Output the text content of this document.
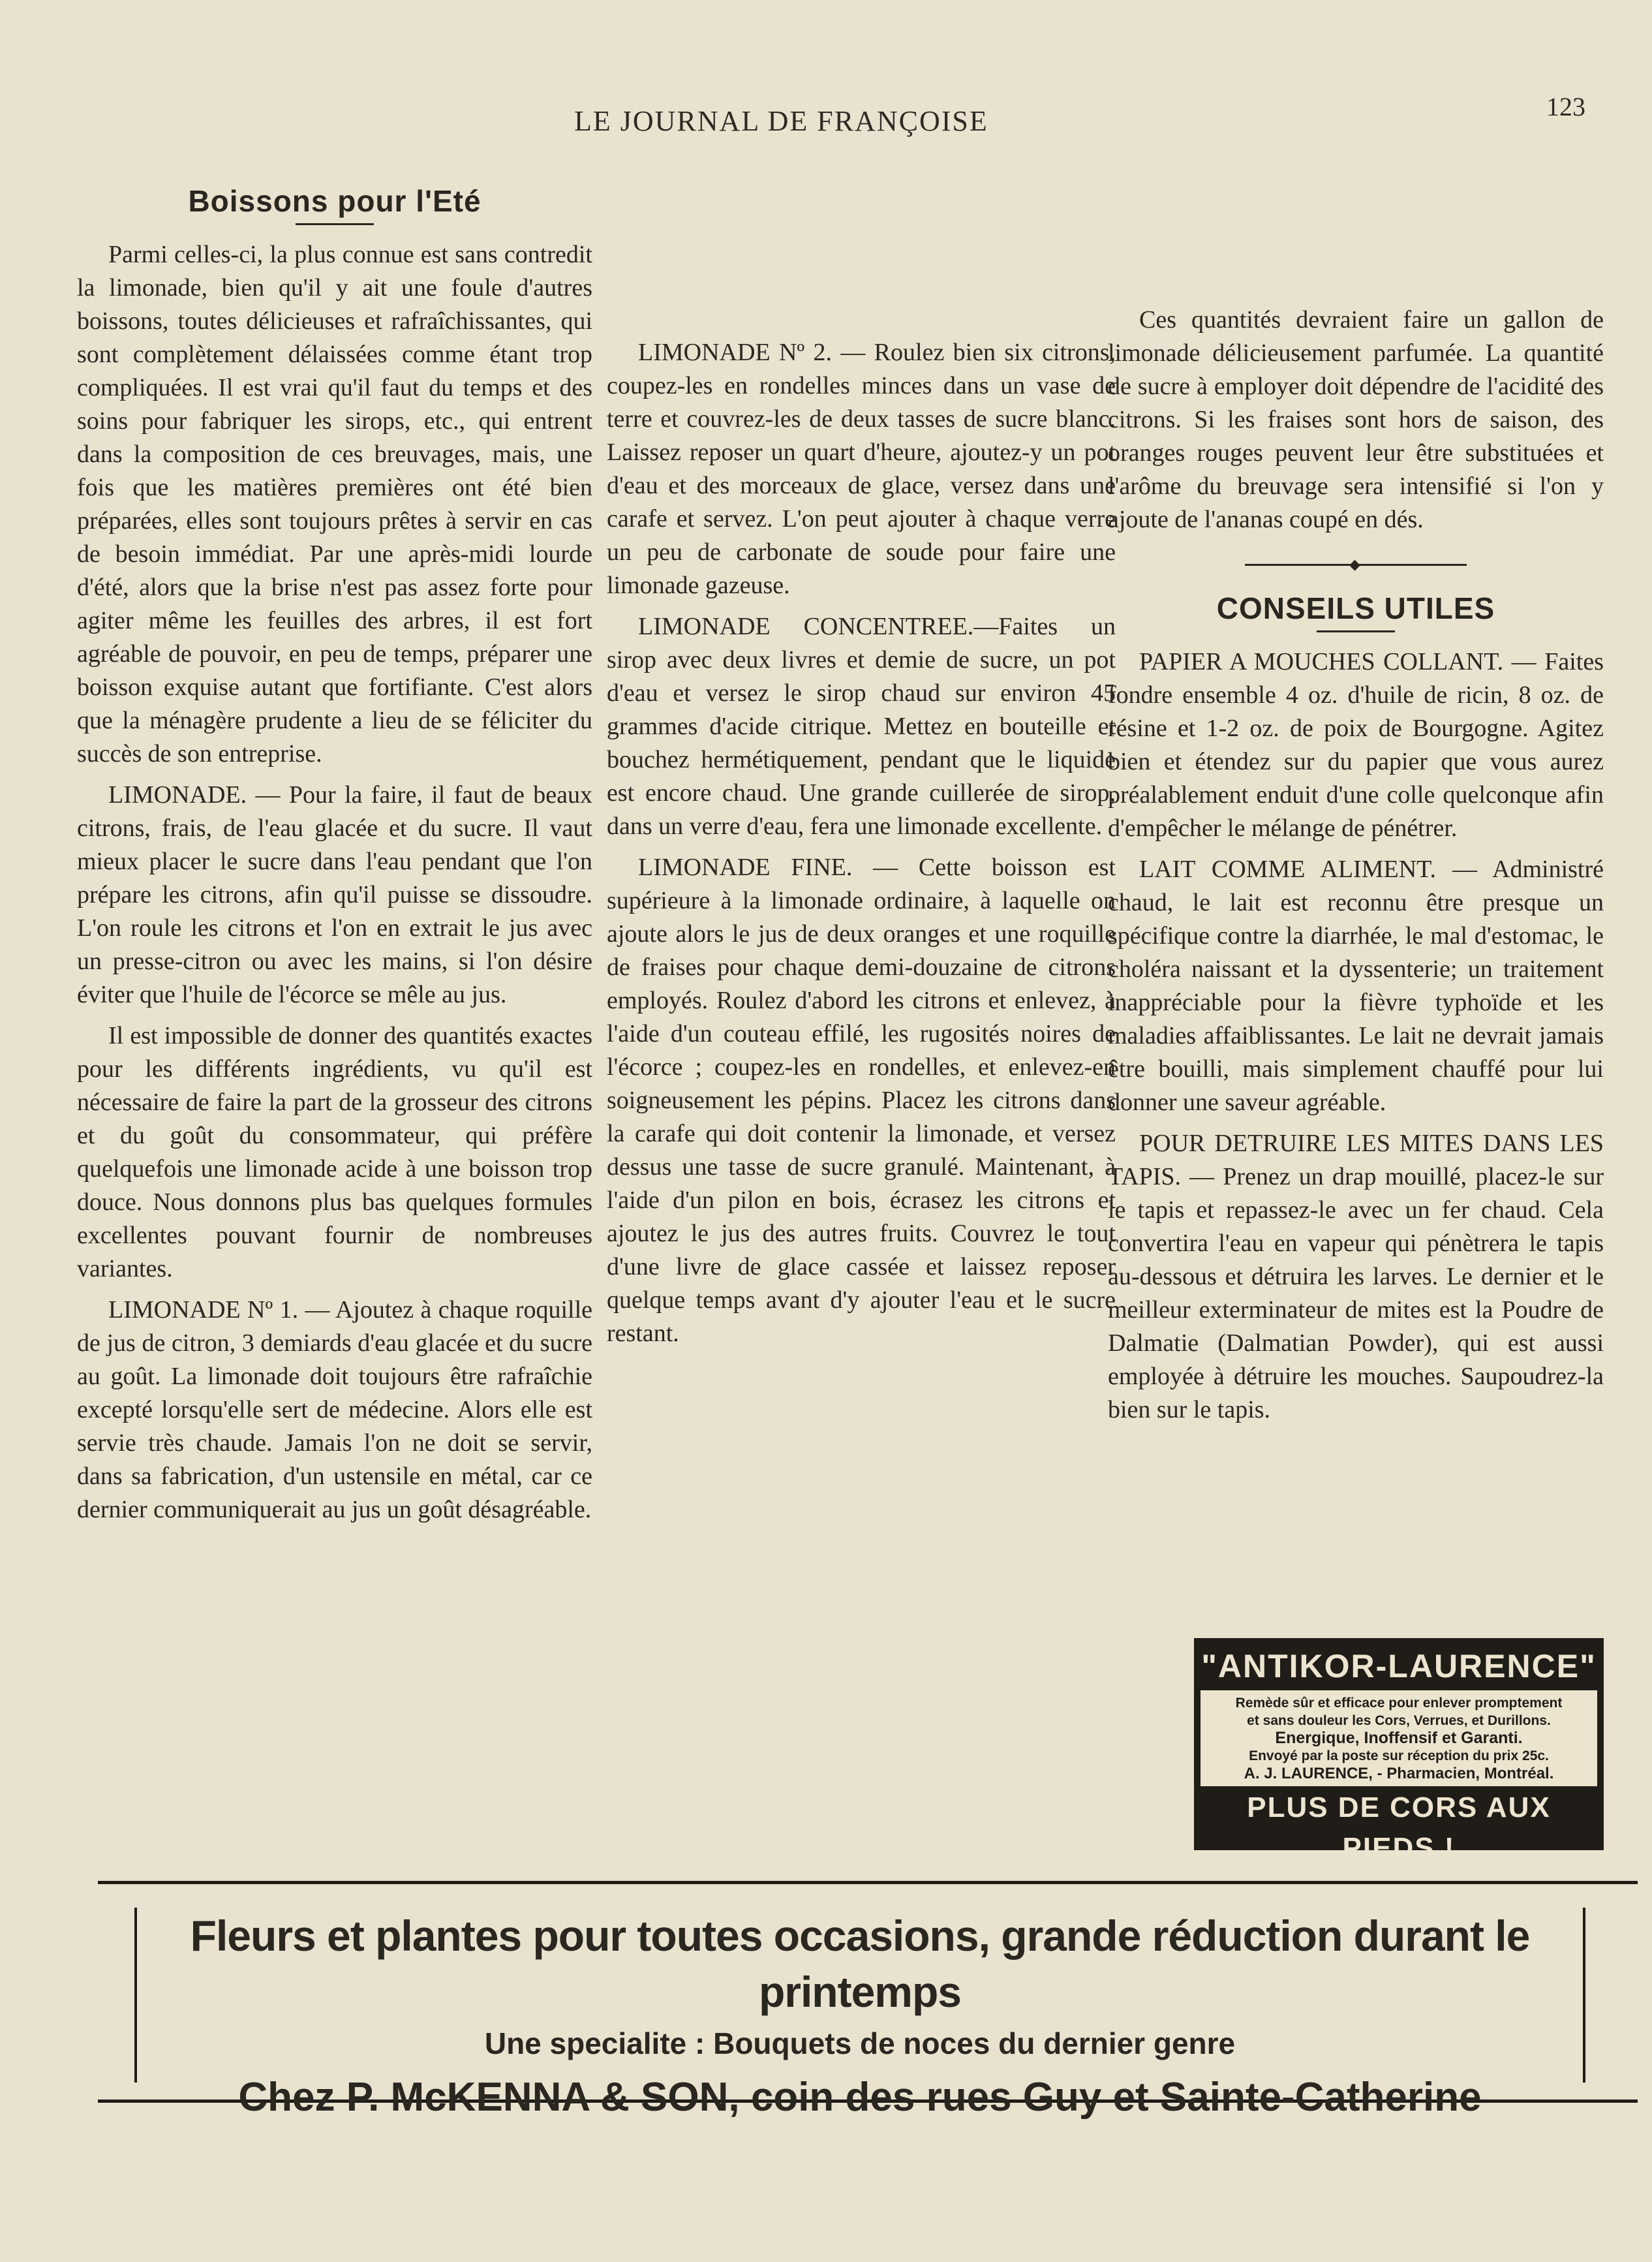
LE JOURNAL DE FRANÇOISE	123
Boissons pour l'Eté

Parmi celles-ci, la plus connue est sans contredit la limonade, bien qu'il y ait une foule d'autres boissons, toutes délicieuses et rafraîchissantes, qui sont complètement délaissées comme étant trop compliquées. Il est vrai qu'il faut du temps et des soins pour fabriquer les sirops, etc., qui entrent dans la composition de ces breuvages, mais, une fois que les matières premières ont été bien préparées, elles sont toujours prêtes à servir en cas de besoin immédiat. Par une après-midi lourde d'été, alors que la brise n'est pas assez forte pour agiter même les feuilles des arbres, il est fort agréable de pouvoir, en peu de temps, préparer une boisson exquise autant que fortifiante. C'est alors que la ménagère prudente a lieu de se féliciter du succès de son entreprise.

LIMONADE. — Pour la faire, il faut de beaux citrons, frais, de l'eau glacée et du sucre. Il vaut mieux placer le sucre dans l'eau pendant que l'on prépare les citrons, afin qu'il puisse se dissoudre. L'on roule les citrons et l'on en extrait le jus avec un presse-citron ou avec les mains, si l'on désire éviter que l'huile de l'écorce se mêle au jus.

Il est impossible de donner des quantités exactes pour les différents ingrédients, vu qu'il est nécessaire de faire la part de la grosseur des citrons et du goût du consommateur, qui préfère quelquefois une limonade acide à une boisson trop douce. Nous donnons plus bas quelques formules excellentes pouvant fournir de nombreuses variantes.

LIMONADE Nº 1. — Ajoutez à chaque roquille de jus de citron, 3 demiards d'eau glacée et du sucre au goût. La limonade doit toujours être rafraîchie excepté lorsqu'elle sert de médecine. Alors elle est servie très chaude. Jamais l'on ne doit se servir, dans sa fabrication, d'un ustensile en métal, car ce dernier communiquerait au jus un goût désagréable.

LIMONADE Nº 2. — Roulez bien six citrons, coupez-les en rondelles minces dans un vase de terre et couvrez-les de deux tasses de sucre blanc. Laissez reposer un quart d'heure, ajoutez-y un pot d'eau et des morceaux de glace, versez dans une carafe et servez. L'on peut ajouter à chaque verre un peu de carbonate de soude pour faire une limonade gazeuse.

LIMONADE CONCENTREE.—Faites un sirop avec deux livres et demie de sucre, un pot d'eau et versez le sirop chaud sur environ 45 grammes d'acide citrique. Mettez en bouteille et bouchez hermétiquement, pendant que le liquide est encore chaud. Une grande cuillerée de sirop, dans un verre d'eau, fera une limonade excellente.

LIMONADE FINE. — Cette boisson est supérieure à la limonade ordinaire, à laquelle on ajoute alors le jus de deux oranges et une roquille de fraises pour chaque demi-douzaine de citrons employés. Roulez d'abord les citrons et enlevez, à l'aide d'un couteau effilé, les rugosités noires de l'écorce ; coupez-les en rondelles, et enlevez-en soigneusement les pépins. Placez les citrons dans la carafe qui doit contenir la limonade, et versez dessus une tasse de sucre granulé. Maintenant, à l'aide d'un pilon en bois, écrasez les citrons et ajoutez le jus des autres fruits. Couvrez le tout d'une livre de glace cassée et laissez reposer quelque temps avant d'y ajouter l'eau et le sucre restant.

Ces quantités devraient faire un gallon de limonade délicieusement parfumée. La quantité de sucre à employer doit dépendre de l'acidité des citrons. Si les fraises sont hors de saison, des oranges rouges peuvent leur être substituées et l'arôme du breuvage sera intensifié si l'on y ajoute de l'ananas coupé en dés.

◆
CONSEILS UTILES

PAPIER A MOUCHES COLLANT. — Faites fondre ensemble 4 oz. d'huile de ricin, 8 oz. de résine et 1-2 oz. de poix de Bourgogne. Agitez bien et étendez sur du papier que vous aurez préalablement enduit d'une colle quelconque afin d'empêcher le mélange de pénétrer.

LAIT COMME ALIMENT. — Administré chaud, le lait est reconnu être presque un spécifique contre la diarrhée, le mal d'estomac, le choléra naissant et la dyssenterie; un traitement inappréciable pour la fièvre typhoïde et les maladies affaiblissantes. Le lait ne devrait jamais être bouilli, mais simplement chauffé pour lui donner une saveur agréable.

POUR DETRUIRE LES MITES DANS LES TAPIS. — Prenez un drap mouillé, placez-le sur le tapis et repassez-le avec un fer chaud. Cela convertira l'eau en vapeur qui pénètrera le tapis au-dessous et détruira les larves. Le dernier et le meilleur exterminateur de mites est la Poudre de Dalmatie (Dalmatian Powder), qui est aussi employée à détruire les mouches. Saupoudrez-la bien sur le tapis.

"ANTIKOR-LAURENCE"
Remède sûr et efficace pour enlever promptement
et sans douleur les Cors, Verrues, et Durillons.
Energique, Inoffensif et Garanti.
Envoyé par la poste sur réception du prix 25c.
A. J. LAURENCE, - Pharmacien, Montréal.
PLUS DE CORS AUX PIEDS !
Fleurs et plantes pour toutes occasions, grande réduction durant le printemps
Une specialite : Bouquets de noces du dernier genre
Chez P. McKENNA & SON, coin des rues Guy et Sainte-Catherine
